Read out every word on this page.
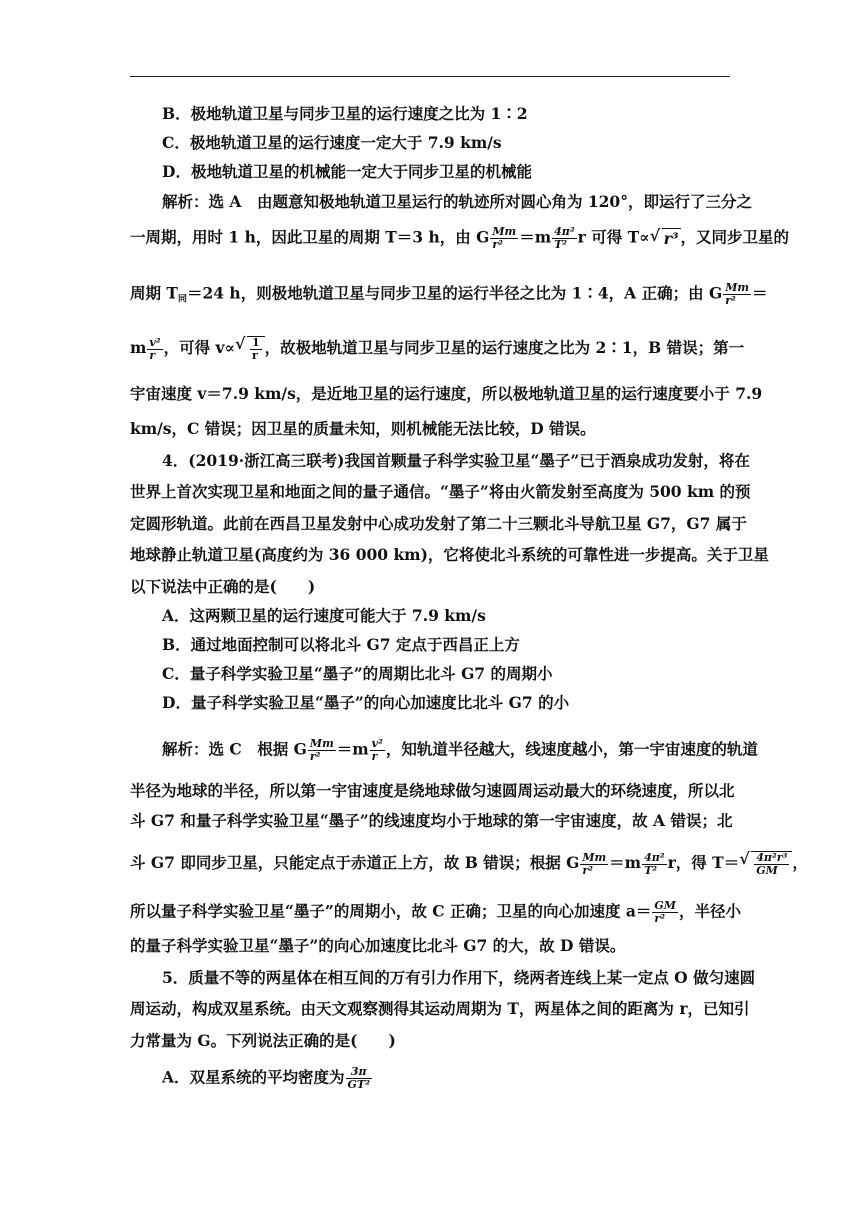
B．极地轨道卫星与同步卫星的运行速度之比为 1∶2
C．极地轨道卫星的运行速度一定大于 7.9 km/s
D．极地轨道卫星的机械能一定大于同步卫星的机械能
解析：选 A　由题意知极地轨道卫星运行的轨迹所对圆心角为 120°，即运行了三分之
一周期，用时 1 h，因此卫星的周期 T＝3 h，由 G $\frac{Mm}{\text{r²}} =m \frac{\text{4π²}}{\text{T²}}$ r 可得 T∝ √ r³ ，又同步卫星的
周期 $T_同=24$ h，则极地轨道卫星与同步卫星的运行半径之比为 1∶4，A 正确；由 G $\frac{Mm}{\text{r²}}$ ＝
m $\frac{\text{v²}}{r}$ ，可得 v∝ √ $\frac{1}{r}$ ，故极地轨道卫星与同步卫星的运行速度之比为 2∶1，B 错误；第一
宇宙速度 v＝7.9 km/s，是近地卫星的运行速度，所以极地轨道卫星的运行速度要小于 7.9
km/s，C 错误；因卫星的质量未知，则机械能无法比较，D 错误。
4．(2019·浙江高三联考)我国首颗量子科学实验卫星“墨子”已于酒泉成功发射，将在
世界上首次实现卫星和地面之间的量子通信。“墨子”将由火箭发射至高度为 500 km 的预
定圆形轨道。此前在西昌卫星发射中心成功发射了第二十三颗北斗导航卫星 G7，G7 属于
地球静止轨道卫星(高度约为 36 000 km)，它将使北斗系统的可靠性进一步提高。关于卫星
以下说法中正确的是(　　)
A．这两颗卫星的运行速度可能大于 7.9 km/s
B．通过地面控制可以将北斗 G7 定点于西昌正上方
C．量子科学实验卫星“墨子”的周期比北斗 G7 的周期小
D．量子科学实验卫星“墨子”的向心加速度比北斗 G7 的小
解析：选 C　根据 G $\frac{Mm}{\text{r²}} =m \frac{\text{v²}}{r}$ ，知轨道半径越大，线速度越小，第一宇宙速度的轨道
半径为地球的半径，所以第一宇宙速度是绕地球做匀速圆周运动最大的环绕速度，所以北
斗 G7 和量子科学实验卫星“墨子”的线速度均小于地球的第一宇宙速度，故 A 错误；北
斗 G7 即同步卫星，只能定点于赤道正上方，故 B 错误；根据 G $\frac{Mm}{\text{r²}} =m \frac{\text{4π²}}{\text{T²}}$ r，得 T＝ √ $\frac{\text{4π²r³}}{GM}$ ，
所以量子科学实验卫星“墨子”的周期小，故 C 正确；卫星的向心加速度 $a= \frac{GM}{\text{r²}}$ ，半径小
的量子科学实验卫星“墨子”的向心加速度比北斗 G7 的大，故 D 错误。
5．质量不等的两星体在相互间的万有引力作用下，绕两者连线上某一定点 O 做匀速圆
周运动，构成双星系统。由天文观察测得其运动周期为 T，两星体之间的距离为 r，已知引
力常量为 G。下列说法正确的是(　　)
A．双星系统的平均密度为 $\frac{3\pi}{\text{GT²}}$
